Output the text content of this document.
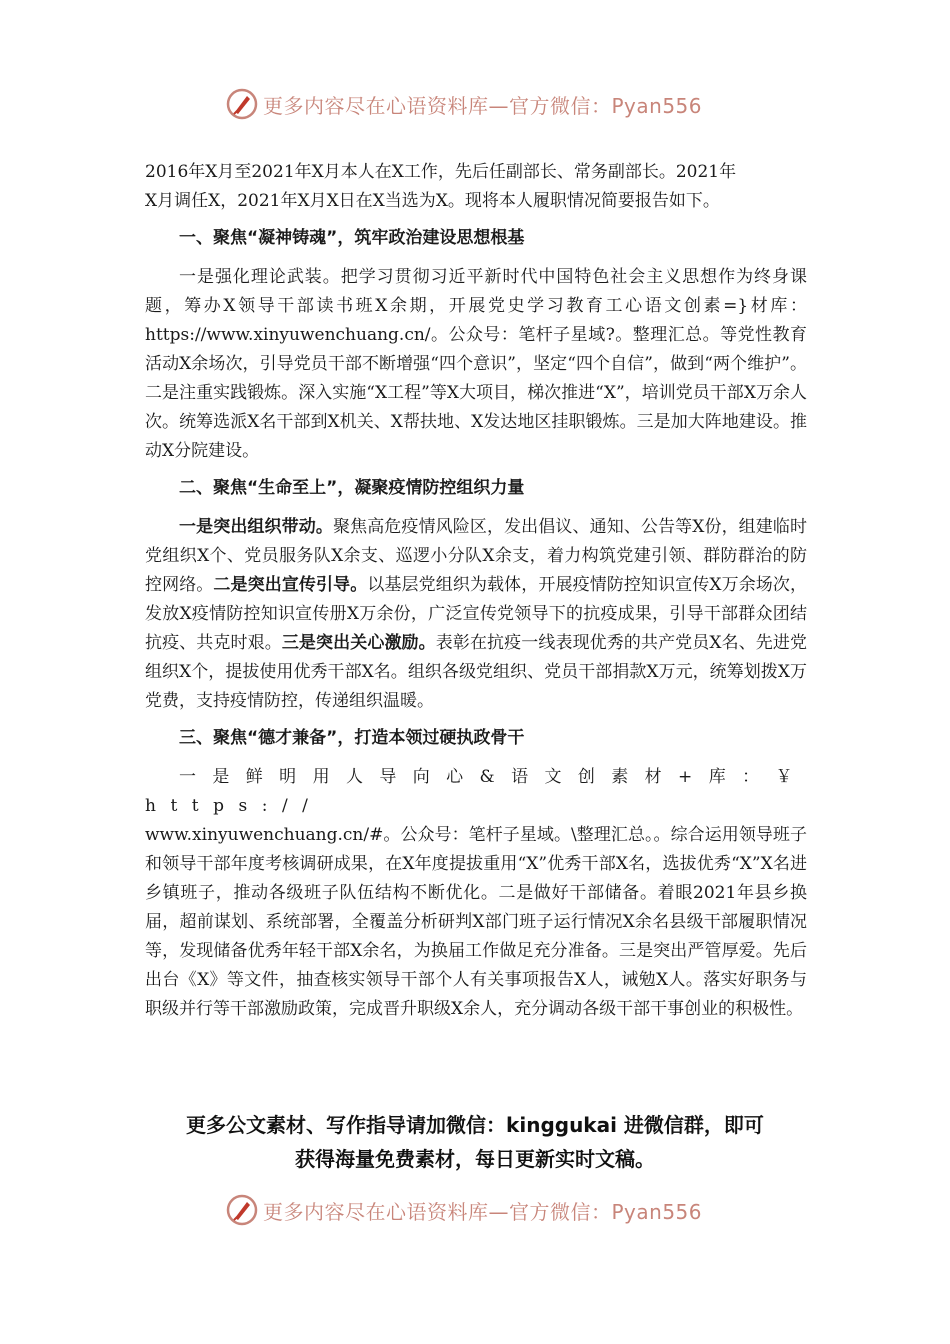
更多内容尽在心语资料库—官方微信：Pyan556

2016年X月至2021年X月本人在X工作，先后任副部长、常务副部长。2021年

X月调任X，2021年X月X日在X当选为X。现将本人履职情况简要报告如下。

一、聚焦“凝神铸魂”，筑牢政治建设思想根基

一是强化理论武装。把学习贯彻习近平新时代中国特色社会主义思想作为终身课题，筹办X领导干部读书班X余期，开展党史学习教育工心语文创素=}材库：https://www.xinyuwenchuang.cn/。公众号：笔杆子星域?。整理汇总。等党性教育活动X余场次，引导党员干部不断增强“四个意识”，坚定“四个自信”，做到“两个维护”。二是注重实践锻炼。深入实施“X工程”等X大项目，梯次推进“X”，培训党员干部X万余人次。统筹选派X名干部到X机关、X帮扶地、X发达地区挂职锻炼。三是加大阵地建设。推动X分院建设。

二、聚焦“生命至上”，凝聚疫情防控组织力量

一是突出组织带动。聚焦高危疫情风险区，发出倡议、通知、公告等X份，组建临时党组织X个、党员服务队X余支、巡逻小分队X余支，着力构筑党建引领、群防群治的防控网络。二是突出宣传引导。以基层党组织为载体，开展疫情防控知识宣传X万余场次，发放X疫情防控知识宣传册X万余份，广泛宣传党领导下的抗疫成果，引导干部群众团结抗疫、共克时艰。三是突出关心激励。表彰在抗疫一线表现优秀的共产党员X名、先进党组织X个，提拔使用优秀干部X名。组织各级党组织、党员干部捐款X万元，统筹划拨X万党费，支持疫情防控，传递组织温暖。

三、聚焦“德才兼备”，打造本领过硬执政骨干

一是鲜明用人导向心&语文创素材+库：￥ https://

www.xinyuwenchuang.cn/#。公众号：笔杆子星域。\整理汇总。。综合运用领导班子和领导干部年度考核调研成果，在X年度提拔重用“X”优秀干部X名，选拔优秀“X”X名进乡镇班子，推动各级班子队伍结构不断优化。二是做好干部储备。着眼2021年县乡换届，超前谋划、系统部署，全覆盖分析研判X部门班子运行情况X余名县级干部履职情况等，发现储备优秀年轻干部X余名，为换届工作做足充分准备。三是突出严管厚爱。先后出台《X》等文件，抽查核实领导干部个人有关事项报告X人，诫勉X人。落实好职务与职级并行等干部激励政策，完成晋升职级X余人，充分调动各级干部干事创业的积极性。

更多公文素材、写作指导请加微信：kinggukai 进微信群，即可
获得海量免费素材，每日更新实时文稿。
更多内容尽在心语资料库—官方微信：Pyan556
